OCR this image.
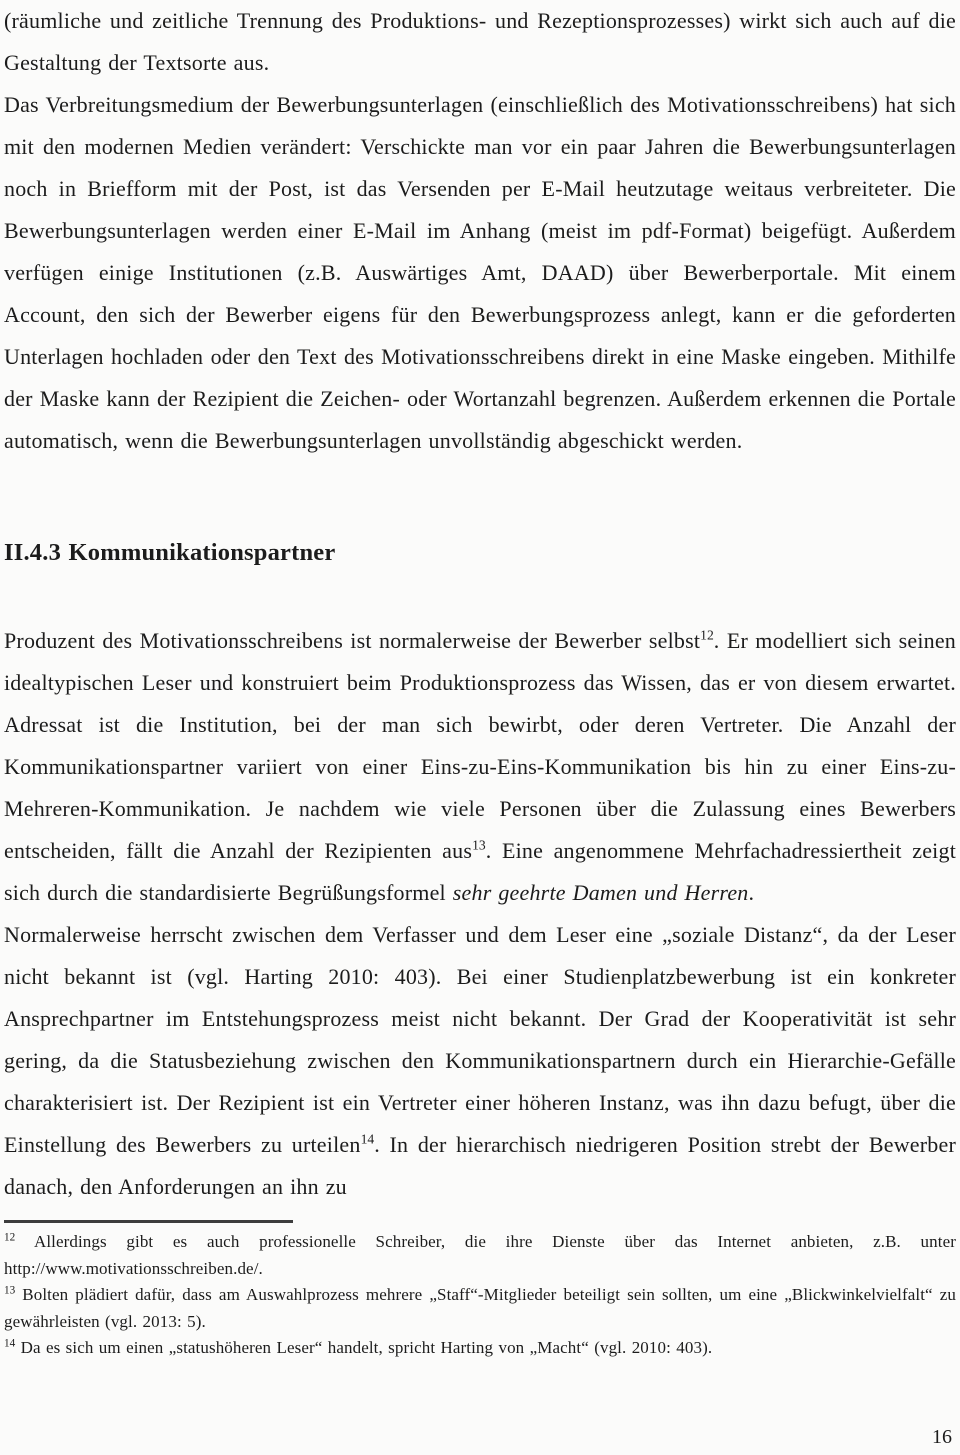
(räumliche und zeitliche Trennung des Produktions- und Rezeptionsprozesses) wirkt sich auch auf die Gestaltung der Textsorte aus.

Das Verbreitungsmedium der Bewerbungsunterlagen (einschließlich des Motivationsschreibens) hat sich mit den modernen Medien verändert: Verschickte man vor ein paar Jahren die Bewerbungsunterlagen noch in Briefform mit der Post, ist das Versenden per E-Mail heutzutage weitaus verbreiteter. Die Bewerbungsunterlagen werden einer E-Mail im Anhang (meist im pdf-Format) beigefügt. Außerdem verfügen einige Institutionen (z.B. Auswärtiges Amt, DAAD) über Bewerberportale. Mit einem Account, den sich der Bewerber eigens für den Bewerbungsprozess anlegt, kann er die geforderten Unterlagen hochladen oder den Text des Motivationsschreibens direkt in eine Maske eingeben. Mithilfe der Maske kann der Rezipient die Zeichen- oder Wortanzahl begrenzen. Außerdem erkennen die Portale automatisch, wenn die Bewerbungsunterlagen unvollständig abgeschickt werden.

II.4.3 Kommunikationspartner

Produzent des Motivationsschreibens ist normalerweise der Bewerber selbst$^{12}$. Er modelliert sich seinen idealtypischen Leser und konstruiert beim Produktionsprozess das Wissen, das er von diesem erwartet. Adressat ist die Institution, bei der man sich bewirbt, oder deren Vertreter. Die Anzahl der Kommunikationspartner variiert von einer Eins-zu-Eins-Kommunikation bis hin zu einer Eins-zu-Mehreren-Kommunikation. Je nachdem wie viele Personen über die Zulassung eines Bewerbers entscheiden, fällt die Anzahl der Rezipienten aus$^{13}$. Eine angenommene Mehrfachadressiertheit zeigt sich durch die standardisierte Begrüßungsformel sehr geehrte Damen und Herren.

Normalerweise herrscht zwischen dem Verfasser und dem Leser eine „soziale Distanz“, da der Leser nicht bekannt ist (vgl. Harting 2010: 403). Bei einer Studienplatzbewerbung ist ein konkreter Ansprechpartner im Entstehungsprozess meist nicht bekannt. Der Grad der Kooperativität ist sehr gering, da die Statusbeziehung zwischen den Kommunikationspartnern durch ein Hierarchie-Gefälle charakterisiert ist. Der Rezipient ist ein Vertreter einer höheren Instanz, was ihn dazu befugt, über die Einstellung des Bewerbers zu urteilen$^{14}$. In der hierarchisch niedrigeren Position strebt der Bewerber danach, den Anforderungen an ihn zu

$^{12}$ Allerdings gibt es auch professionelle Schreiber, die ihre Dienste über das Internet anbieten, z.B. unter http://www.motivationsschreiben.de/.

$^{13}$ Bolten plädiert dafür, dass am Auswahlprozess mehrere „Staff“-Mitglieder beteiligt sein sollten, um eine „Blickwinkelvielfalt“ zu gewährleisten (vgl. 2013: 5).

$^{14}$ Da es sich um einen „statushöheren Leser“ handelt, spricht Harting von „Macht“ (vgl. 2010: 403).

16
